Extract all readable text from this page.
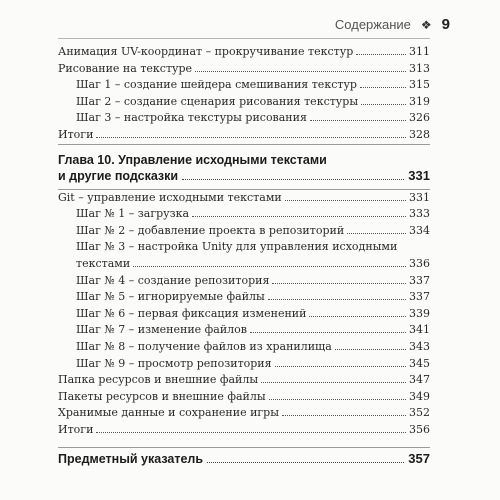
Содержание ❖ 9
Анимация UV-координат – прокручивание текстур	311
Рисование на текстуре	313
Шаг 1 – создание шейдера смешивания текстур	315
Шаг 2 – создание сценария рисования текстуры	319
Шаг 3 – настройка текстуры рисования	326
Итоги	328
Глава 10. Управление исходными текстами
и другие подсказки	331
Git – управление исходными текстами	331
Шаг № 1 – загрузка	333
Шаг № 2 – добавление проекта в репозиторий	334
Шаг № 3 – настройка Unity для управления исходными
текстами	336
Шаг № 4 – создание репозитория	337
Шаг № 5 – игнорируемые файлы	337
Шаг № 6 – первая фиксация изменений	339
Шаг № 7 – изменение файлов	341
Шаг № 8 – получение файлов из хранилища	343
Шаг № 9 – просмотр репозитория	345
Папка ресурсов и внешние файлы	347
Пакеты ресурсов и внешние файлы	349
Хранимые данные и сохранение игры	352
Итоги	356
Предметный указатель	357
